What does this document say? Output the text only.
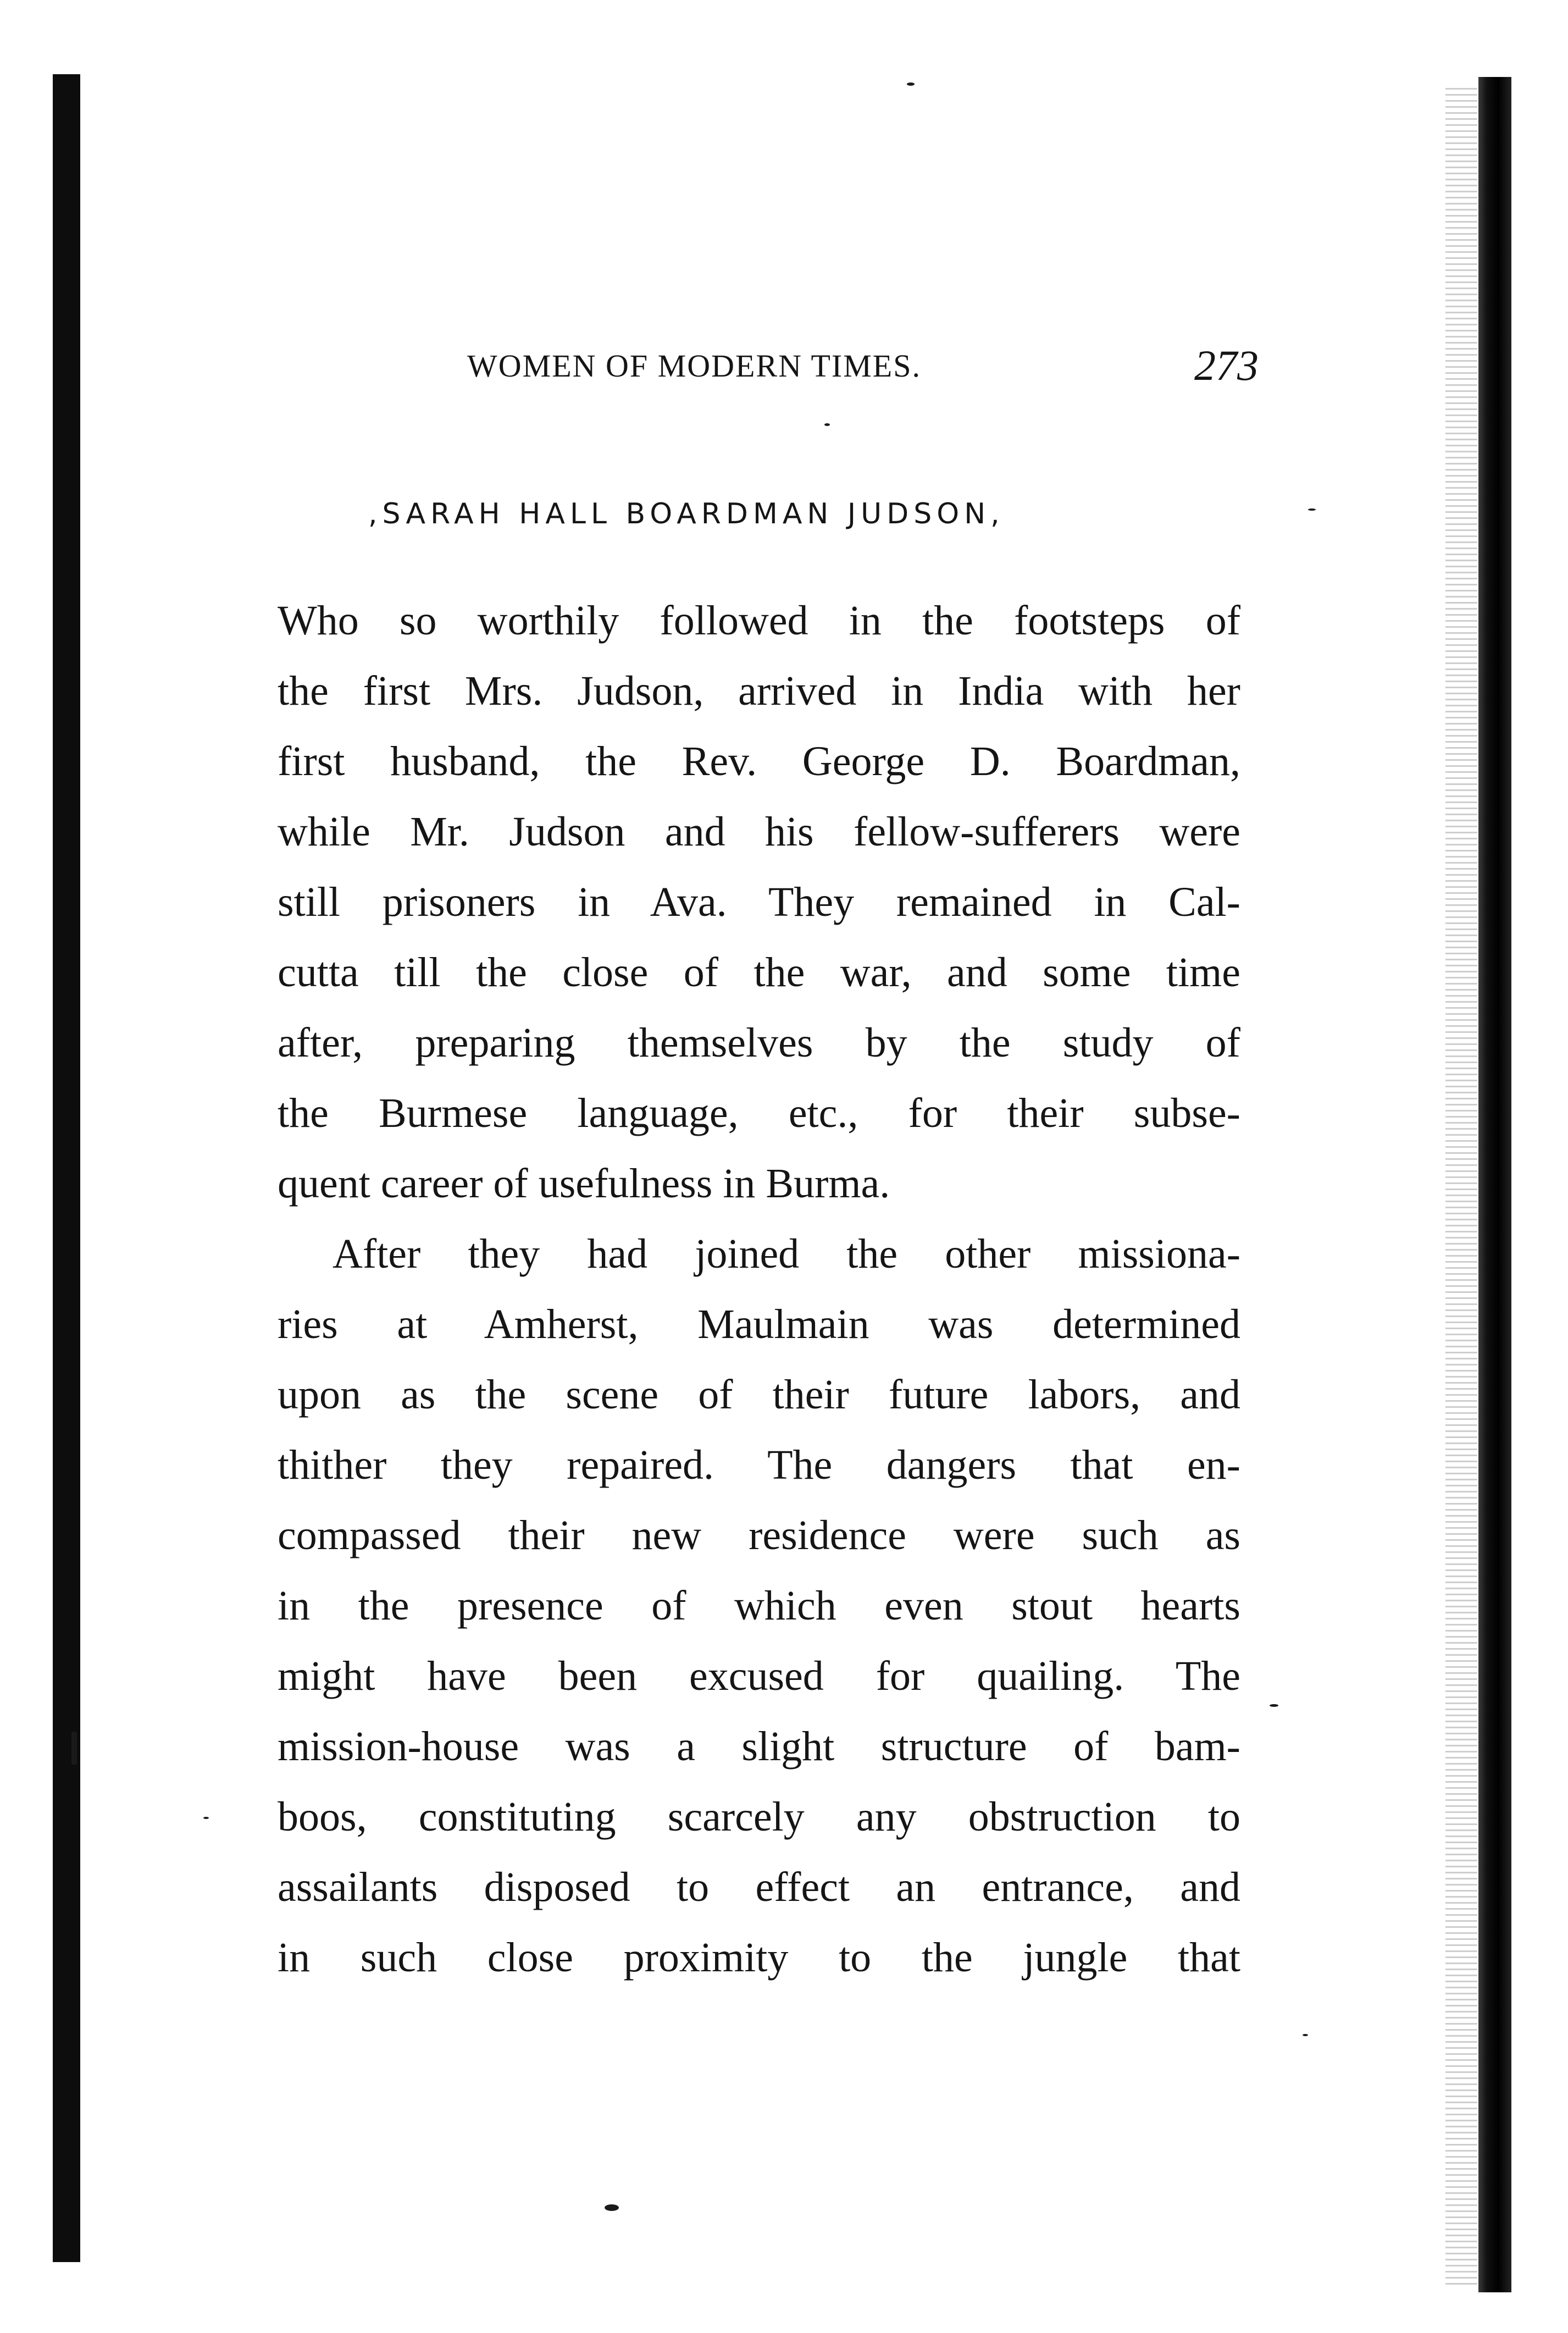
WOMEN OF MODERN TIMES.	273
,SARAH HALL BOARDMAN JUDSON,
Who so worthily followed in the footsteps of
the first Mrs. Judson, arrived in India with her
first husband, the Rev. George D. Boardman,
while Mr. Judson and his fellow-sufferers were
still prisoners in Ava. They remained in Cal-
cutta till the close of the war, and some time
after, preparing themselves by the study of
the Burmese language, etc., for their subse-
quent career of usefulness in Burma.
After they had joined the other missiona-
ries at Amherst, Maulmain was determined
upon as the scene of their future labors, and
thither they repaired. The dangers that en-
compassed their new residence were such as
in the presence of which even stout hearts
might have been excused for quailing. The
mission-house was a slight structure of bam-
boos, constituting scarcely any obstruction to
assailants disposed to effect an entrance, and
in such close proximity to the jungle that
